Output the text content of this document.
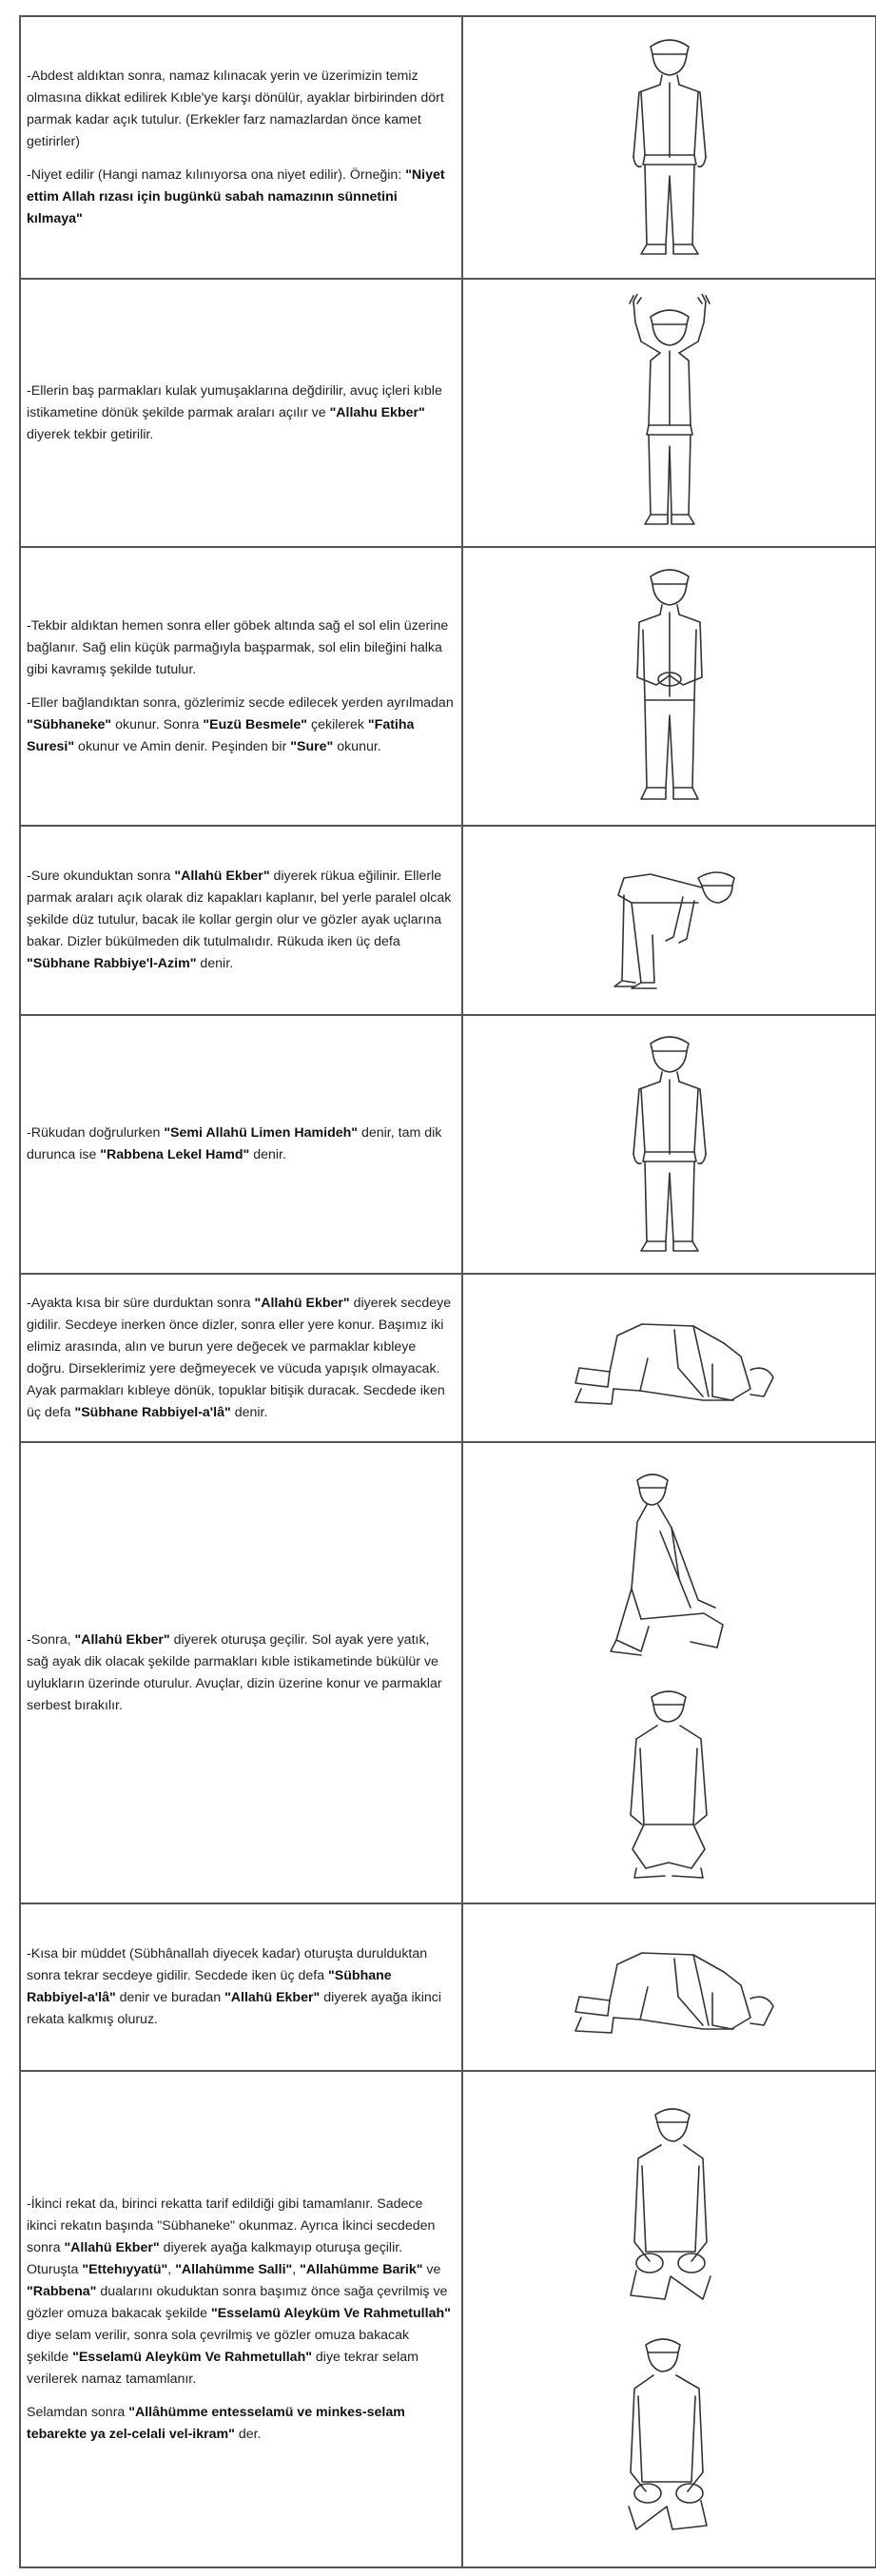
-Abdest aldıktan sonra, namaz kılınacak yerin ve üzerimizin temiz olmasına dikkat edilirek Kıble'ye karşı dönülür, ayaklar birbirinden dört parmak kadar açık tutulur. (Erkekler farz namazlardan önce kamet getirirler)

-Niyet edilir (Hangi namaz kılınıyorsa ona niyet edilir). Örneğin: "Niyet ettim Allah rızası için bugünkü sabah namazının sünnetini kılmaya"

-Ellerin baş parmakları kulak yumuşaklarına değdirilir, avuç içleri kıble istikametine dönük şekilde parmak araları açılır ve "Allahu Ekber" diyerek tekbir getirilir.

-Tekbir aldıktan hemen sonra eller göbek altında sağ el sol elin üzerine bağlanır. Sağ elin küçük parmağıyla başparmak, sol elin bileğini halka gibi kavramış şekilde tutulur.

-Eller bağlandıktan sonra, gözlerimiz secde edilecek yerden ayrılmadan "Sübhaneke" okunur. Sonra "Euzü Besmele" çekilerek "Fatiha Suresi" okunur ve Amin denir. Peşinden bir "Sure" okunur.

-Sure okunduktan sonra "Allahü Ekber" diyerek rükua eğilinir. Ellerle parmak araları açık olarak diz kapakları kaplanır, bel yerle paralel olcak şekilde düz tutulur, bacak ile kollar gergin olur ve gözler ayak uçlarına bakar. Dizler bükülmeden dik tutulmalıdır. Rükuda iken üç defa "Sübhane Rabbiye'l-Azim" denir.

-Rükudan doğrulurken "Semi Allahü Limen Hamideh" denir, tam dik durunca ise "Rabbena Lekel Hamd" denir.

-Ayakta kısa bir süre durduktan sonra "Allahü Ekber" diyerek secdeye gidilir. Secdeye inerken önce dizler, sonra eller yere konur. Başımız iki elimiz arasında, alın ve burun yere değecek ve parmaklar kıbleye doğru. Dirseklerimiz yere değmeyecek ve vücuda yapışık olmayacak. Ayak parmakları kıbleye dönük, topuklar bitişik duracak. Secdede iken üç defa "Sübhane Rabbiyel-a'lâ" denir.

-Sonra, "Allahü Ekber" diyerek oturuşa geçilir. Sol ayak yere yatık, sağ ayak dik olacak şekilde parmakları kıble istikametinde bükülür ve uylukların üzerinde oturulur. Avuçlar, dizin üzerine konur ve parmaklar serbest bırakılır.

-Kısa bir müddet (Sübhânallah diyecek kadar) oturuşta durulduktan sonra tekrar secdeye gidilir. Secdede iken üç defa "Sübhane Rabbiyel-a'lâ" denir ve buradan "Allahü Ekber" diyerek ayağa ikinci rekata kalkmış oluruz.

-İkinci rekat da, birinci rekatta tarif edildiği gibi tamamlanır. Sadece ikinci rekatın başında "Sübhaneke" okunmaz. Ayrıca İkinci secdeden sonra "Allahü Ekber" diyerek ayağa kalkmayıp oturuşa geçilir. Oturuşta "Ettehıyyatü", "Allahümme Salli", "Allahümme Barik" ve "Rabbena" dualarını okuduktan sonra başımız önce sağa çevrilmiş ve gözler omuza bakacak şekilde "Esselamü Aleyküm Ve Rahmetullah" diye selam verilir, sonra sola çevrilmiş ve gözler omuza bakacak şekilde "Esselamü Aleyküm Ve Rahmetullah" diye tekrar selam verilerek namaz tamamlanır.

Selamdan sonra "Allâhümme entesselamü ve minkes-selam tebarekte ya zel-celali vel-ikram" der.
